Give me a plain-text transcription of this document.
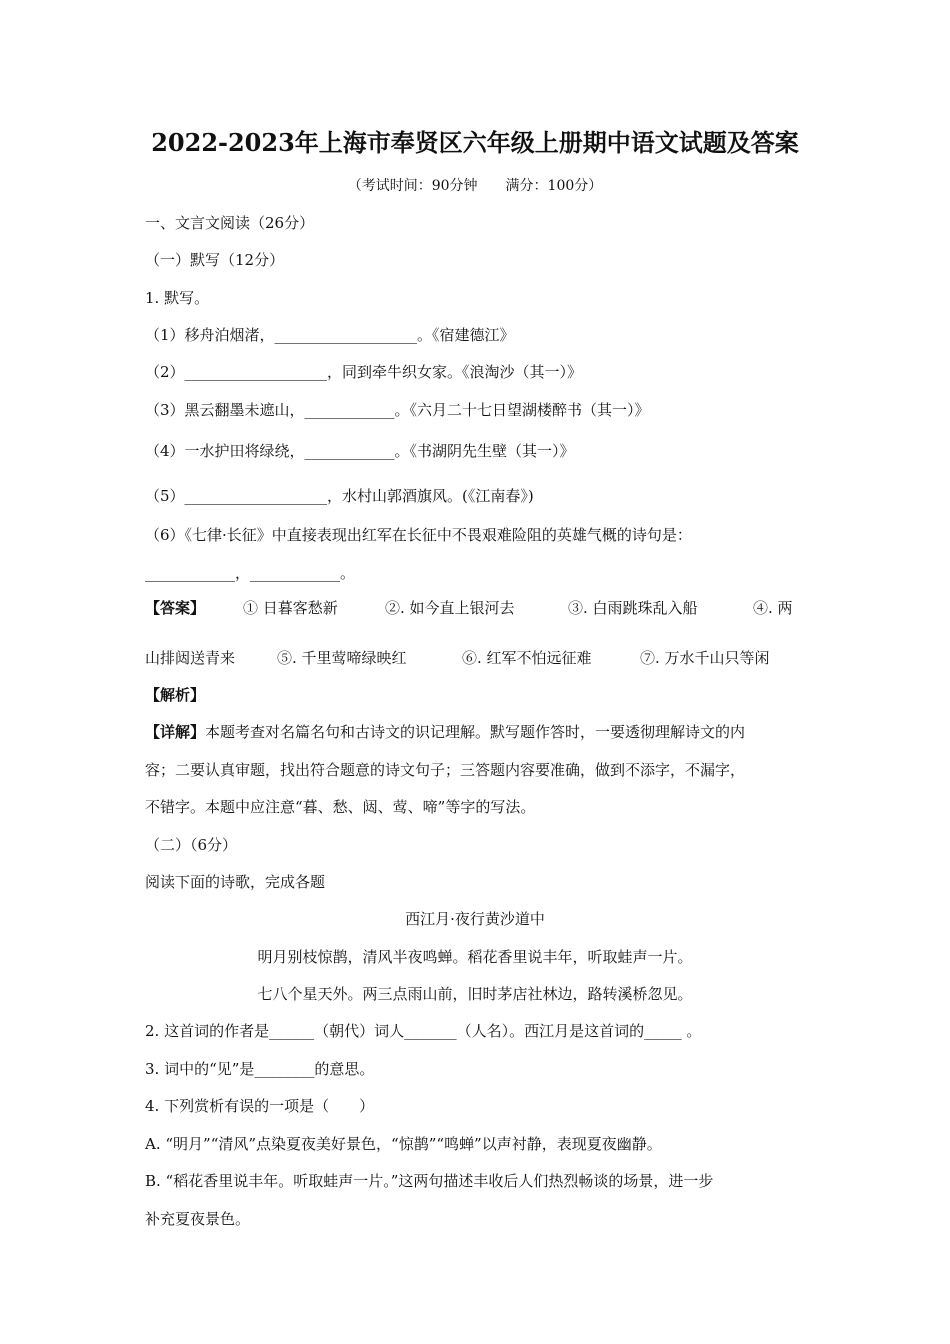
2022-2023年上海市奉贤区六年级上册期中语文试题及答案
（考试时间：90分钟　　满分：100分）
一、文言文阅读（26分）
（一）默写（12分）
1. 默写。
（1）移舟泊烟渚，___________________。《宿建德江》
（2）___________________，同到牵牛织女家。《浪淘沙（其一）》
（3）黑云翻墨未遮山，____________。《六月二十七日望湖楼醉书（其一）》
（4）一水护田将绿绕，____________。《书湖阴先生壁（其一）》
（5）___________________，水村山郭酒旗风。(《江南春》)
（6）《七律·长征》中直接表现出红军在长征中不畏艰难险阻的英雄气概的诗句是：
____________，____________。
【答案】	① 日暮客愁新	②. 如今直上银河去	③. 白雨跳珠乱入船	④. 两
山排闼送青来	⑤. 千里莺啼绿映红	⑥. 红军不怕远征难	⑦. 万水千山只等闲
【解析】
【详解】本题考查对名篇名句和古诗文的识记理解。默写题作答时，一要透彻理解诗文的内
容；二要认真审题，找出符合题意的诗文句子；三答题内容要准确，做到不添字，不漏字，
不错字。本题中应注意“暮、愁、闼、莺、啼”等字的写法。
（二）（6分）
阅读下面的诗歌，完成各题
西江月·夜行黄沙道中
明月别枝惊鹊，清风半夜鸣蝉。稻花香里说丰年，听取蛙声一片。
七八个星天外。两三点雨山前，旧时茅店社林边，路转溪桥忽见。
2. 这首词的作者是______（朝代）词人_______（人名）。西江月是这首词的_____ 。
3. 词中的“见”是________的意思。
4. 下列赏析有误的一项是（　　）
A. “明月”“清风”点染夏夜美好景色，“惊鹊”“鸣蝉”以声衬静，表现夏夜幽静。
B. “稻花香里说丰年。听取蛙声一片。”这两句描述丰收后人们热烈畅谈的场景，进一步
补充夏夜景色。
